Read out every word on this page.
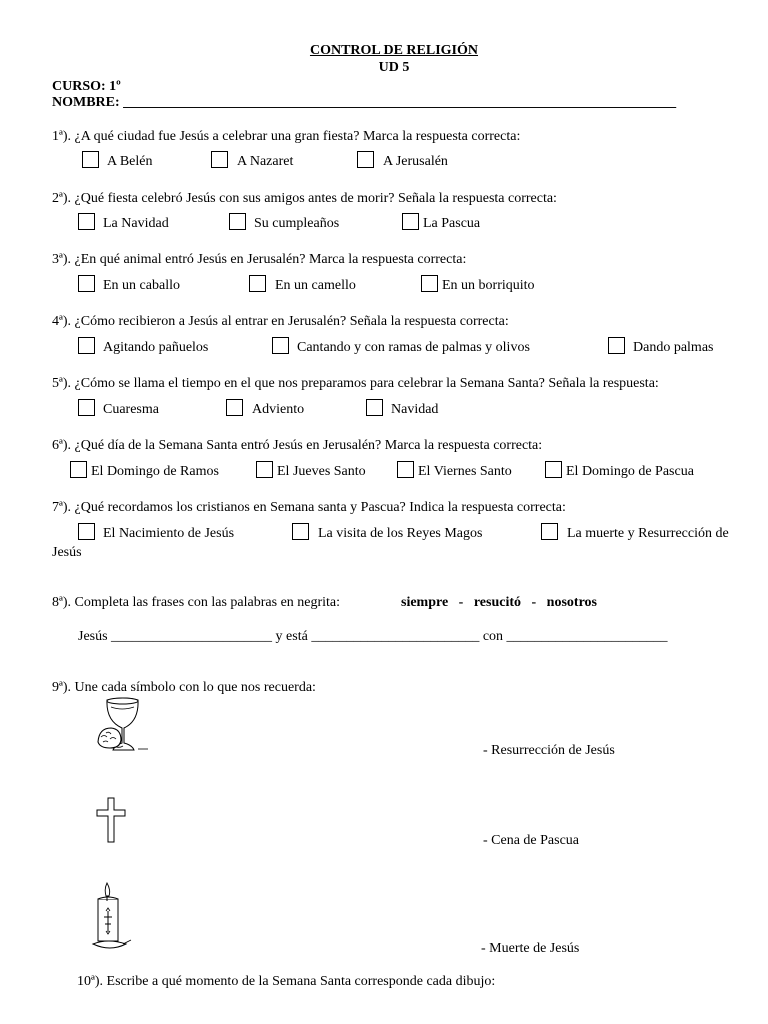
CONTROL DE RELIGIÓN
UD 5
CURSO: 1º
NOMBRE: _______________________________________________________________________________
1ª). ¿A qué ciudad fue Jesús a celebrar una gran fiesta? Marca la respuesta correcta:
A Belén	A Nazaret	A Jerusalén
2ª). ¿Qué fiesta celebró Jesús con sus amigos antes de morir? Señala la respuesta correcta:
La Navidad	Su cumpleaños	La Pascua
3ª). ¿En qué animal entró Jesús en Jerusalén? Marca la respuesta correcta:
En un caballo	En un camello	En un borriquito
4ª). ¿Cómo recibieron a Jesús al entrar en Jerusalén? Señala la respuesta correcta:
Agitando pañuelos	Cantando y con ramas de palmas y olivos	Dando palmas
5ª). ¿Cómo se llama el tiempo en el que nos preparamos para celebrar la Semana Santa? Señala la respuesta:
Cuaresma	Adviento	Navidad
6ª). ¿Qué día de la Semana Santa entró Jesús en Jerusalén? Marca la respuesta correcta:
El Domingo de Ramos	El Jueves Santo	El Viernes Santo	El Domingo de Pascua
7ª). ¿Qué recordamos los cristianos en Semana santa y Pascua? Indica la respuesta correcta:
El Nacimiento de Jesús	La visita de los Reyes Magos	La muerte y Resurrección de
Jesús
8ª). Completa las frases con las palabras en negrita:	siempre   -   resucitó   -   nosotros
Jesús _______________________ y está ________________________ con _______________________
9ª). Une cada símbolo con lo que nos recuerda:
- Resurrección de Jesús
- Cena de Pascua
- Muerte de Jesús
10ª). Escribe a qué momento de la Semana Santa corresponde cada dibujo:
